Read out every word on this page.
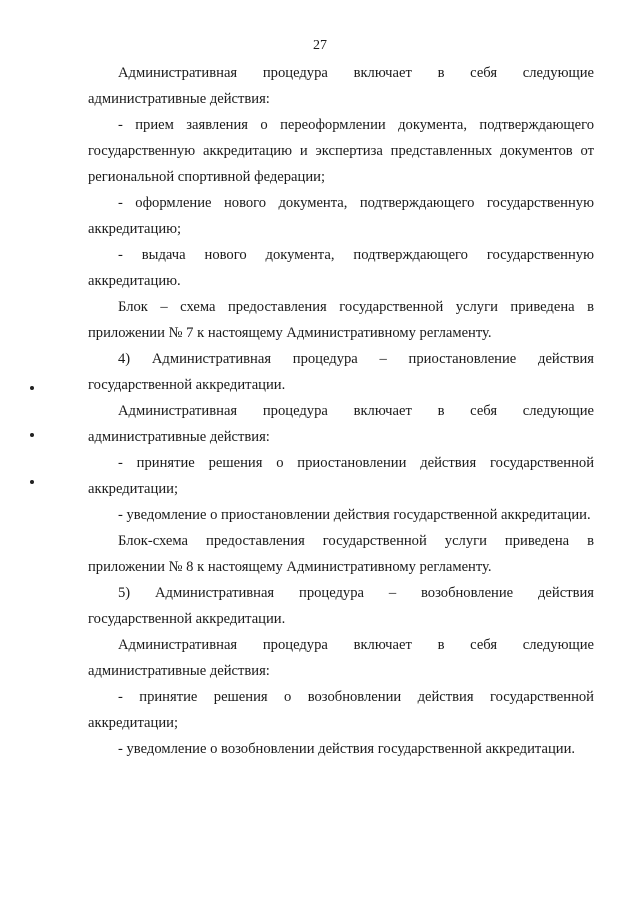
27

Административная процедура включает в себя следующие административные действия:

- прием заявления о переоформлении документа, подтверждающего государственную аккредитацию и экспертиза представленных документов от региональной спортивной федерации;

- оформление нового документа, подтверждающего государственную аккредитацию;

- выдача нового документа, подтверждающего государственную аккредитацию.

Блок – схема предоставления государственной услуги приведена в приложении № 7 к настоящему Административному регламенту.

4) Административная процедура – приостановление действия государственной аккредитации.

Административная процедура включает в себя следующие административные действия:

- принятие решения о приостановлении действия государственной аккредитации;

- уведомление о приостановлении действия государственной аккредитации.

Блок-схема предоставления государственной услуги приведена в приложении № 8 к настоящему Административному регламенту.

5) Административная процедура – возобновление действия государственной аккредитации.

Административная процедура включает в себя следующие административные действия:

- принятие решения о возобновлении действия государственной аккредитации;

- уведомление о возобновлении действия государственной аккредитации.
